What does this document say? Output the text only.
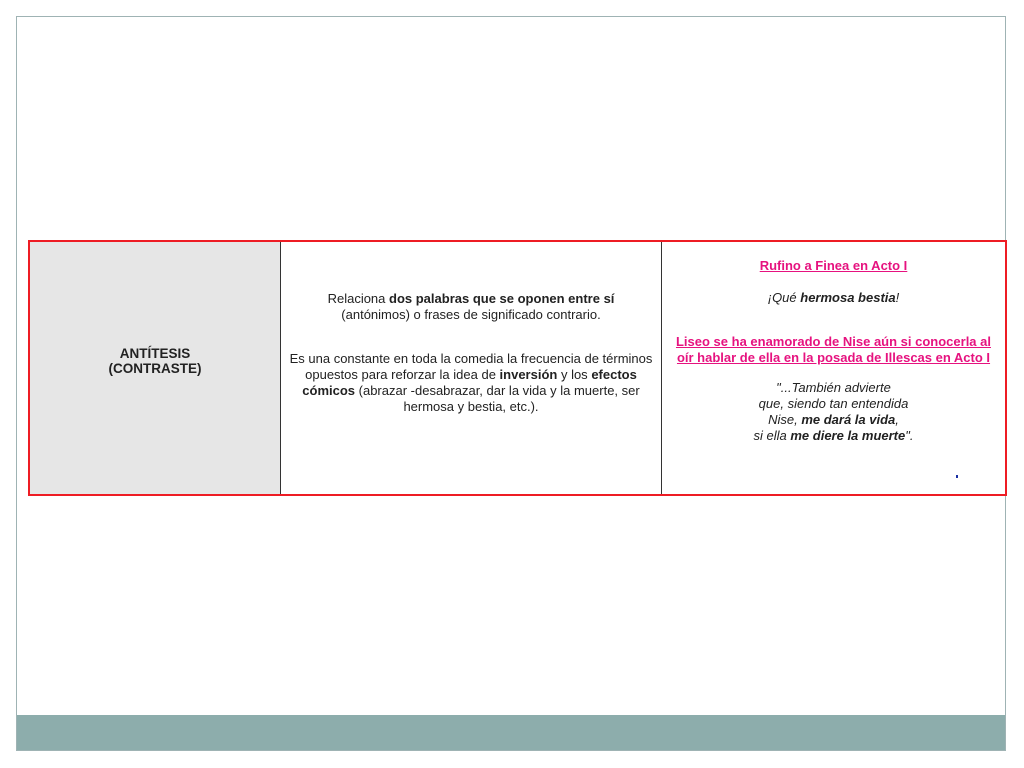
ANTÍTESIS
(CONTRASTE)

Relaciona dos palabras que se oponen entre sí
(antónimos) o frases de significado contrario.

Es una constante en toda la comedia la frecuencia de términos opuestos para reforzar la idea de inversión y los efectos cómicos (abrazar -desabrazar, dar la vida y la muerte, ser hermosa y bestia, etc.).

Rufino a Finea en Acto I

¡Qué hermosa bestia!

Liseo se ha enamorado de Nise aún si conocerla al oír hablar de ella en la posada de Illescas en Acto I

"...También advierte
que, siendo tan entendida
Nise, me dará la vida,
si ella me diere la muerte".
